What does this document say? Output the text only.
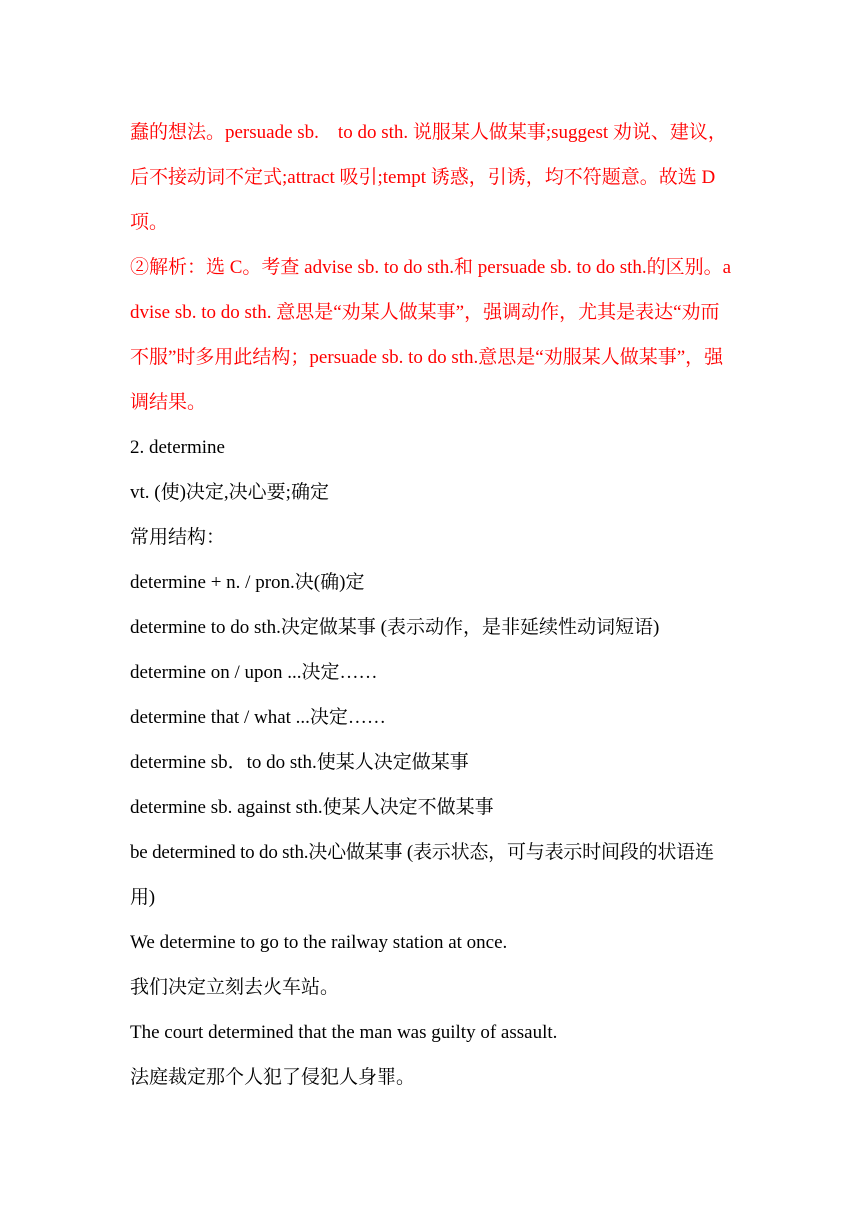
蠢的想法。persuade sb.　to do sth. 说服某人做某事;suggest 劝说、建议，后不接动词不定式;attract 吸引;tempt 诱惑，引诱，均不符题意。故选 D 项。

②解析：选 C。考查 advise sb. to do sth.和 persuade sb. to do sth.的区别。advise sb. to do sth. 意思是“劝某人做某事”，强调动作，尤其是表达“劝而不服”时多用此结构；persuade sb. to do sth.意思是“劝服某人做某事”，强调结果。

2. determine

vt. (使)决定,决心要;确定

常用结构：

determine + n. / pron.决(确)定

determine to do sth.决定做某事 (表示动作，是非延续性动词短语)

determine on / upon ...决定……

determine that / what ...决定……

determine sb．to do sth.使某人决定做某事

determine sb. against sth.使某人决定不做某事

be determined to do sth.决心做某事 (表示状态，可与表示时间段的状语连用)

We determine to go to the railway station at once.

我们决定立刻去火车站。

The court determined that the man was guilty of assault.

法庭裁定那个人犯了侵犯人身罪。
